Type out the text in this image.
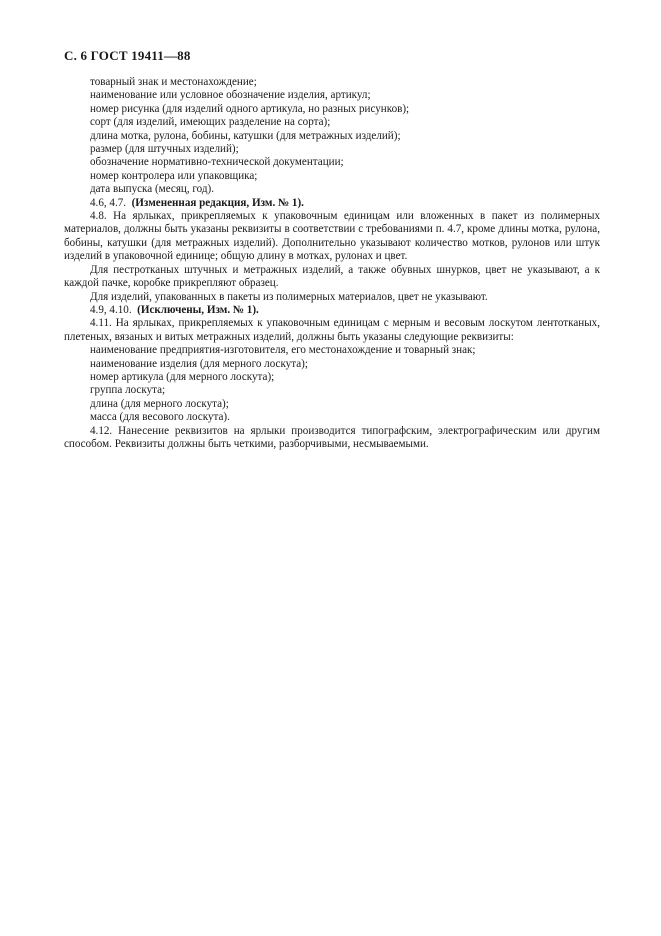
С. 6 ГОСТ 19411—88
товарный знак и местонахождение;
наименование или условное обозначение изделия, артикул;
номер рисунка (для изделий одного артикула, но разных рисунков);
сорт (для изделий, имеющих разделение на сорта);
длина мотка, рулона, бобины, катушки (для метражных изделий);
размер (для штучных изделий);
обозначение нормативно-технической документации;
номер контролера или упаковщика;
дата выпуска (месяц, год).
4.6, 4.7. (Измененная редакция, Изм. № 1).
4.8. На ярлыках, прикрепляемых к упаковочным единицам или вложенных в пакет из полимерных материалов, должны быть указаны реквизиты в соответствии с требованиями п. 4.7, кроме длины мотка, рулона, бобины, катушки (для метражных изделий). Дополнительно указывают количество мотков, рулонов или штук изделий в упаковочной единице; общую длину в мотках, рулонах и цвет.
Для пестротканых штучных и метражных изделий, а также обувных шнурков, цвет не указывают, а к каждой пачке, коробке прикрепляют образец.
Для изделий, упакованных в пакеты из полимерных материалов, цвет не указывают.
4.9, 4.10. (Исключены, Изм. № 1).
4.11. На ярлыках, прикрепляемых к упаковочным единицам с мерным и весовым лоскутом лентотканых, плетеных, вязаных и витых метражных изделий, должны быть указаны следующие реквизиты:
наименование предприятия-изготовителя, его местонахождение и товарный знак;
наименование изделия (для мерного лоскута);
номер артикула (для мерного лоскута);
группа лоскута;
длина (для мерного лоскута);
масса (для весового лоскута).
4.12. Нанесение реквизитов на ярлыки производится типографским, электрографическим или другим способом. Реквизиты должны быть четкими, разборчивыми, несмываемыми.
